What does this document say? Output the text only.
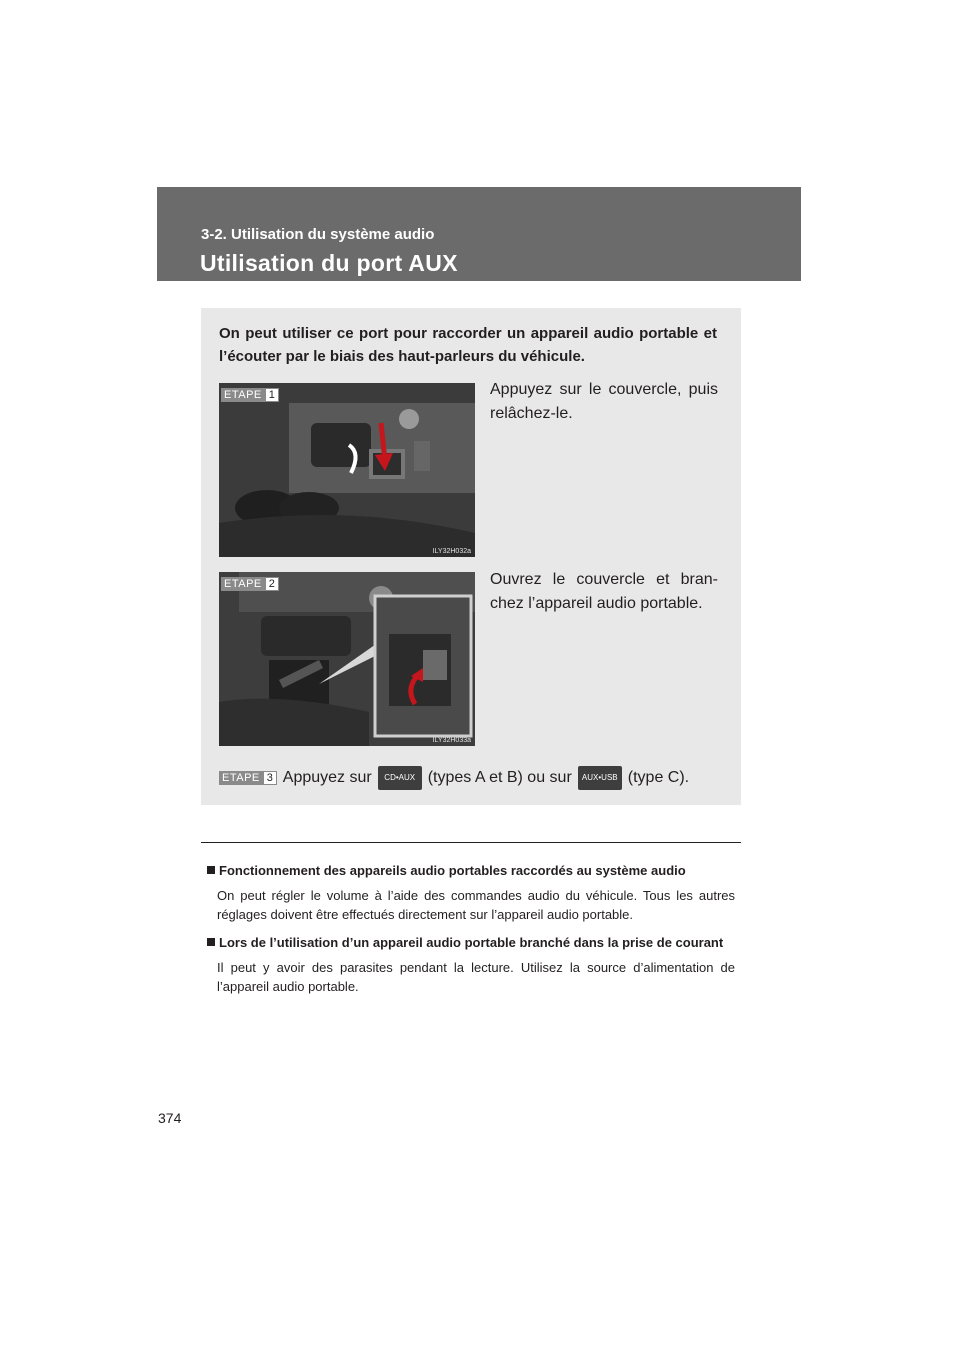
3-2. Utilisation du système audio
Utilisation du port AUX
On peut utiliser ce port pour raccorder un appareil audio portable et l’écouter par le biais des haut-parleurs du véhicule.
ETAPE 1
ILY32H032a
Appuyez sur le couvercle, puis relâchez-le.
ETAPE 2
ILY32H033a
Ouvrez le couvercle et bran-chez l’appareil audio portable.
ETAPE 3 Appuyez sur	CD•AUX (types A et B) ou sur	AUX•USB (type C).
Fonctionnement des appareils audio portables raccordés au système audio
On peut régler le volume à l’aide des commandes audio du véhicule. Tous les autres réglages doivent être effectués directement sur l’appareil audio portable.
Lors de l’utilisation d’un appareil audio portable branché dans la prise de courant
Il peut y avoir des parasites pendant la lecture. Utilisez la source d’alimentation de l’appareil audio portable.
374
